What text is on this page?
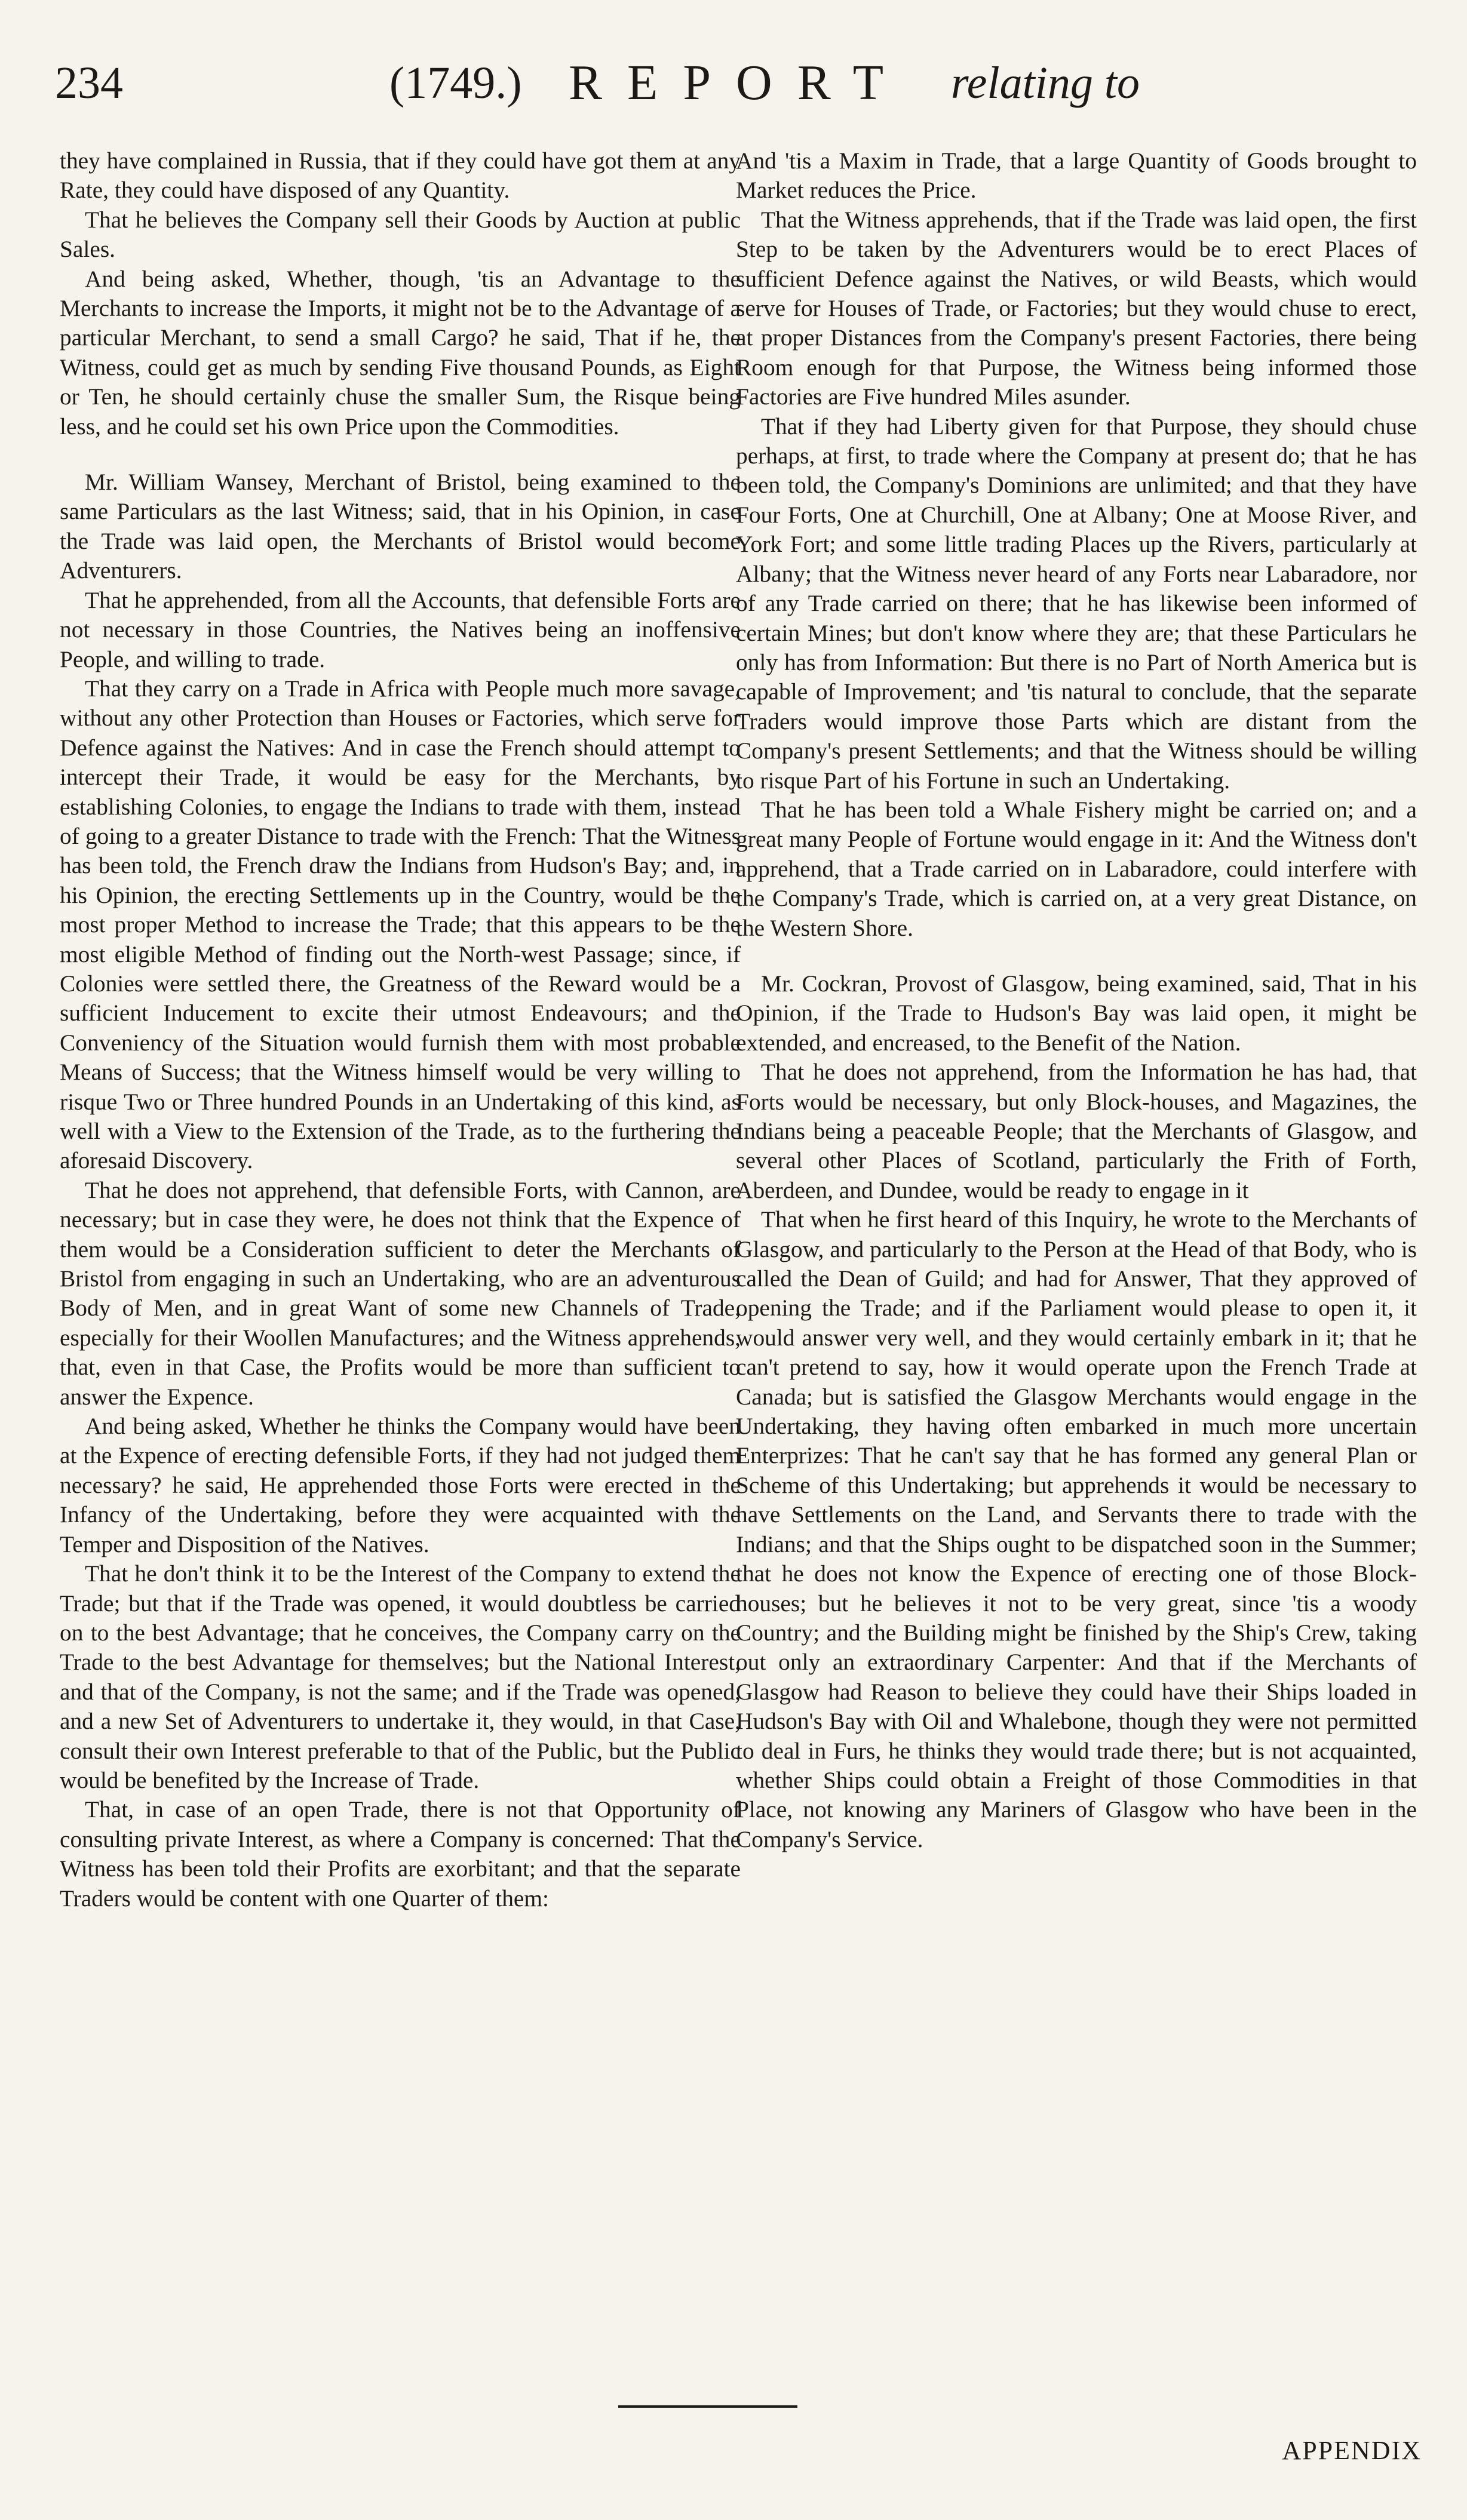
234	(1749.) REPORT relating to

they have complained in Russia, that if they could have got them at any Rate, they could have disposed of any Quantity.

That he believes the Company sell their Goods by Auction at public Sales.

And being asked, Whether, though, 'tis an Advantage to the Merchants to increase the Imports, it might not be to the Advantage of a particular Merchant, to send a small Cargo? he said, That if he, the Witness, could get as much by sending Five thousand Pounds, as Eight or Ten, he should certainly chuse the smaller Sum, the Risque being less, and he could set his own Price upon the Commodities.

Mr. William Wansey, Merchant of Bristol, being examined to the same Particulars as the last Witness; said, that in his Opinion, in case the Trade was laid open, the Merchants of Bristol would become Adventurers.

That he apprehended, from all the Accounts, that defensible Forts are not necessary in those Countries, the Natives being an inoffensive People, and willing to trade.

That they carry on a Trade in Africa with People much more savage, without any other Protection than Houses or Factories, which serve for Defence against the Natives: And in case the French should attempt to intercept their Trade, it would be easy for the Merchants, by establishing Colonies, to engage the Indians to trade with them, instead of going to a greater Distance to trade with the French: That the Witness has been told, the French draw the Indians from Hudson's Bay; and, in his Opinion, the erecting Settlements up in the Country, would be the most proper Method to increase the Trade; that this appears to be the most eligible Method of finding out the North-west Passage; since, if Colonies were settled there, the Greatness of the Reward would be a sufficient Inducement to excite their utmost Endeavours; and the Conveniency of the Situation would furnish them with most probable Means of Success; that the Witness himself would be very willing to risque Two or Three hundred Pounds in an Undertaking of this kind, as well with a View to the Extension of the Trade, as to the furthering the aforesaid Discovery.

That he does not apprehend, that defensible Forts, with Cannon, are necessary; but in case they were, he does not think that the Expence of them would be a Consideration sufficient to deter the Merchants of Bristol from engaging in such an Undertaking, who are an adventurous Body of Men, and in great Want of some new Channels of Trade, especially for their Woollen Manufactures; and the Witness apprehends, that, even in that Case, the Profits would be more than sufficient to answer the Expence.

And being asked, Whether he thinks the Company would have been at the Expence of erecting defensible Forts, if they had not judged them necessary? he said, He apprehended those Forts were erected in the Infancy of the Undertaking, before they were acquainted with the Temper and Disposition of the Natives.

That he don't think it to be the Interest of the Company to extend the Trade; but that if the Trade was opened, it would doubtless be carried on to the best Advantage; that he conceives, the Company carry on the Trade to the best Advantage for themselves; but the National Interest, and that of the Company, is not the same; and if the Trade was opened, and a new Set of Adventurers to undertake it, they would, in that Case, consult their own Interest preferable to that of the Public, but the Public would be benefited by the Increase of Trade.

That, in case of an open Trade, there is not that Opportunity of consulting private Interest, as where a Company is concerned: That the Witness has been told their Profits are exorbitant; and that the separate Traders would be content with one Quarter of them:

And 'tis a Maxim in Trade, that a large Quantity of Goods brought to Market reduces the Price.

That the Witness apprehends, that if the Trade was laid open, the first Step to be taken by the Adventurers would be to erect Places of sufficient Defence against the Natives, or wild Beasts, which would serve for Houses of Trade, or Factories; but they would chuse to erect, at proper Distances from the Company's present Factories, there being Room enough for that Purpose, the Witness being informed those Factories are Five hundred Miles asunder.

That if they had Liberty given for that Purpose, they should chuse perhaps, at first, to trade where the Company at present do; that he has been told, the Company's Dominions are unlimited; and that they have Four Forts, One at Churchill, One at Albany; One at Moose River, and York Fort; and some little trading Places up the Rivers, particularly at Albany; that the Witness never heard of any Forts near Labaradore, nor of any Trade carried on there; that he has likewise been informed of certain Mines; but don't know where they are; that these Particulars he only has from Information: But there is no Part of North America but is capable of Improvement; and 'tis natural to conclude, that the separate Traders would improve those Parts which are distant from the Company's present Settlements; and that the Witness should be willing to risque Part of his Fortune in such an Undertaking.

That he has been told a Whale Fishery might be carried on; and a great many People of Fortune would engage in it: And the Witness don't apprehend, that a Trade carried on in Labaradore, could interfere with the Company's Trade, which is carried on, at a very great Distance, on the Western Shore.

Mr. Cockran, Provost of Glasgow, being examined, said, That in his Opinion, if the Trade to Hudson's Bay was laid open, it might be extended, and encreased, to the Benefit of the Nation.

That he does not apprehend, from the Information he has had, that Forts would be necessary, but only Block-houses, and Magazines, the Indians being a peaceable People; that the Merchants of Glasgow, and several other Places of Scotland, particularly the Frith of Forth, Aberdeen, and Dundee, would be ready to engage in it

That when he first heard of this Inquiry, he wrote to the Merchants of Glasgow, and particularly to the Person at the Head of that Body, who is called the Dean of Guild; and had for Answer, That they approved of opening the Trade; and if the Parliament would please to open it, it would answer very well, and they would certainly embark in it; that he can't pretend to say, how it would operate upon the French Trade at Canada; but is satisfied the Glasgow Merchants would engage in the Undertaking, they having often embarked in much more uncertain Enterprizes: That he can't say that he has formed any general Plan or Scheme of this Undertaking; but apprehends it would be necessary to have Settlements on the Land, and Servants there to trade with the Indians; and that the Ships ought to be dispatched soon in the Summer; that he does not know the Expence of erecting one of those Block-houses; but he believes it not to be very great, since 'tis a woody Country; and the Building might be finished by the Ship's Crew, taking out only an extraordinary Carpenter: And that if the Merchants of Glasgow had Reason to believe they could have their Ships loaded in Hudson's Bay with Oil and Whalebone, though they were not permitted to deal in Furs, he thinks they would trade there; but is not acquainted, whether Ships could obtain a Freight of those Commodities in that Place, not knowing any Mariners of Glasgow who have been in the Company's Service.

APPENDIX
